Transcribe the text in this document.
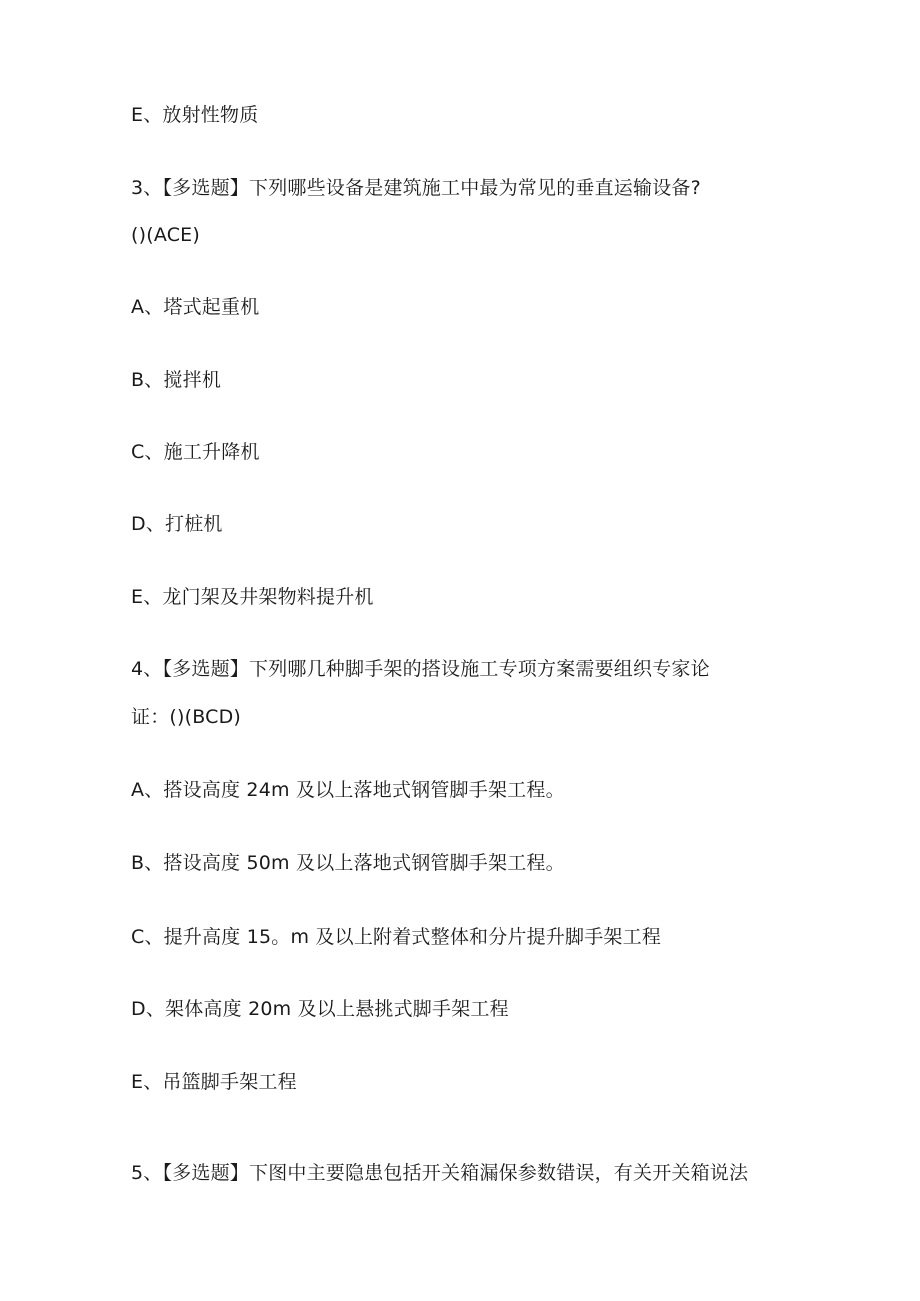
E、放射性物质
3、【多选题】下列哪些设备是建筑施工中最为常见的垂直运输设备?
()(ACE)
A、塔式起重机
B、搅拌机
C、施工升降机
D、打桩机
E、龙门架及井架物料提升机
4、【多选题】下列哪几种脚手架的搭设施工专项方案需要组织专家论
证：()(BCD)
A、搭设高度 24m 及以上落地式钢管脚手架工程。
B、搭设高度 50m 及以上落地式钢管脚手架工程。
C、提升高度 15。m 及以上附着式整体和分片提升脚手架工程
D、架体高度 20m 及以上悬挑式脚手架工程
E、吊篮脚手架工程
5、【多选题】下图中主要隐患包括开关箱漏保参数错误，有关开关箱说法
